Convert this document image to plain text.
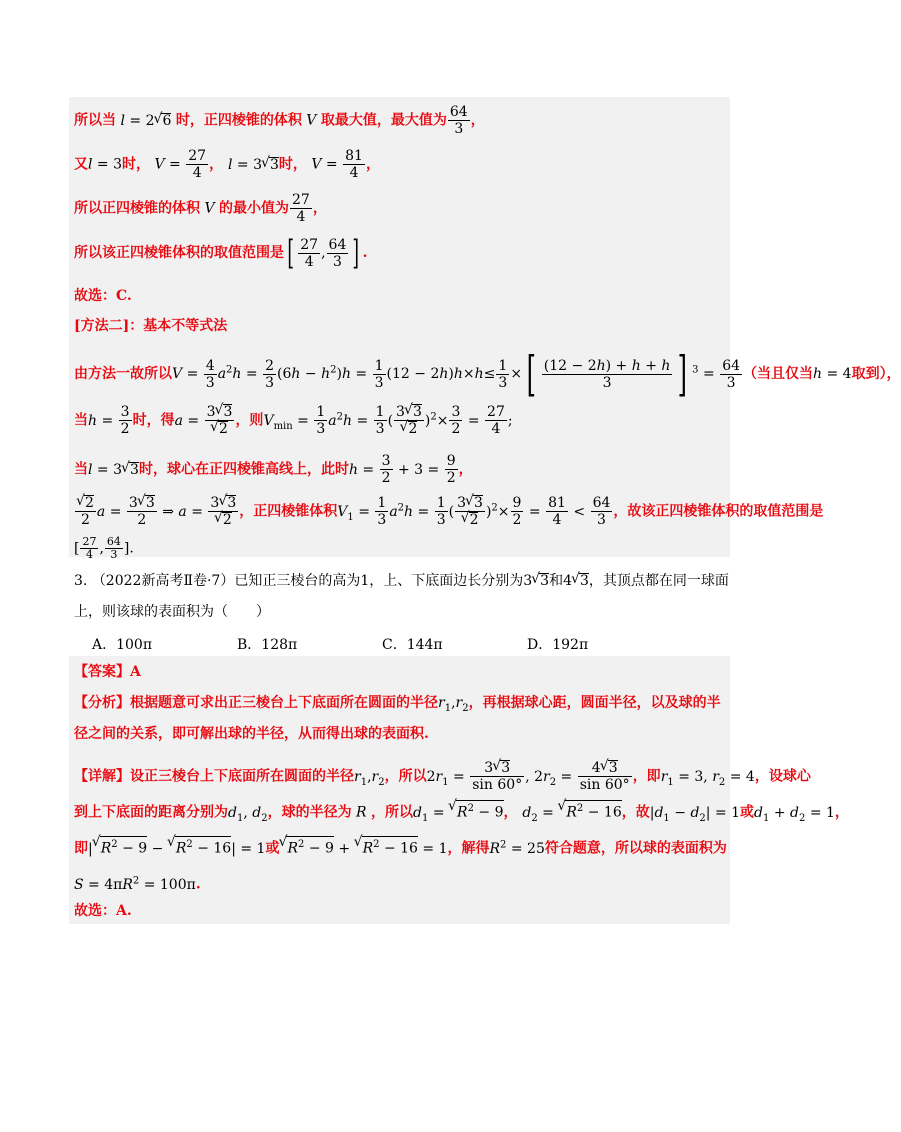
所以当 l = 2 √ 6 时，正四棱锥的体积 V 取最大值，最大值为 $\frac{64}{3}$ ，
又l = 3时， $V = \frac{27}{4}$ ， l = 3 √ 3时， $V = \frac{81}{4}$ ，
所以正四棱锥的体积 V 的最小值为 $\frac{27}{4}$ ，
所以该正四棱锥体积的取值范围是[ $\frac{27}{4}$ , $\frac{64}{3}$ ] .
故选：C.
[方法二]：基本不等式法
由方法一故所以$V = \frac{4}{3} a^2h = \frac{2}{3} (6h - h^2)h = \frac{1}{3} (12 - 2h)h\times h\le \frac{1}{3}$ ×[ $\frac{(12 - 2h) + h + h}{3}$ ] $^3 = \frac{64}{3}$ （当且仅当h = 4取到），
当$h = \frac{3}{2}$ 时，得a = 3 √ 3
√ 2 ，则$V_{min} = \frac{1}{3} a^2h = \frac{1}{3}$ ( 3 √ 3
√ 2 )$^2\times \frac{3}{2} = \frac{27}{4}$ ;
当l = 3 √ 3时，球心在正四棱锥高线上，此时$h = \frac{3}{2} + 3 = \frac{9}{2}$ ，
√ $\frac{2}{2}$ $a = \frac{3 √ 3}{2}$ ⇒ a = 3 √ 3
√ 2 ，正四棱锥体积$V_1 = \frac{1}{3} a^2h = \frac{1}{3}$ ( 3 √ 3
√ 2 )$^2\times \frac{9}{2} = \frac{81}{4} < \frac{64}{3}$ ，故该正四棱锥体积的取值范围是
[ $\frac{27}{4}$ , $\frac{64}{3}$ ].
3. （2022新高考Ⅱ卷·7）已知正三棱台的高为1，上、下底面边长分别为3 √ 3和4 √ 3，其顶点都在同一球面
上，则该球的表面积为（　　）
A．100π	B．128π	C．144π	D．192π
【答案】A
【分析】根据题意可求出正三棱台上下底面所在圆面的半径$r_1,r_2$，再根据球心距，圆面半径，以及球的半
径之间的关系，即可解出球的半径，从而得出球的表面积.
【详解】设正三棱台上下底面所在圆面的半径$r_1,r_2$，所以$2r_1 = \frac{3 √ 3}{\sin 60^\circ}$ , $2r_2 = \frac{4 √ 3}{\sin 60^\circ}$ ，即$r_1 = 3$, $r_2 = 4$，设球心
到上下底面的距离分别为$d_1$, $d_2$，球的半径为 R ，所以$d_1$ = √ $R^2 - 9$， $d_2$ = √ $R^2 - 16$，故$|d_1 - d_2| = 1$或$d_1 + d_2 = 1$，
即| √ $R^2 - 9$ − √ $R^2 - 16| = 1$或 √ $R^2 - 9$ + √ $R^2 - 16 = 1$，解得$R^2 = 25$符合题意，所以球的表面积为
$S = 4\pi R^2 = 100\pi$.
故选：A.
